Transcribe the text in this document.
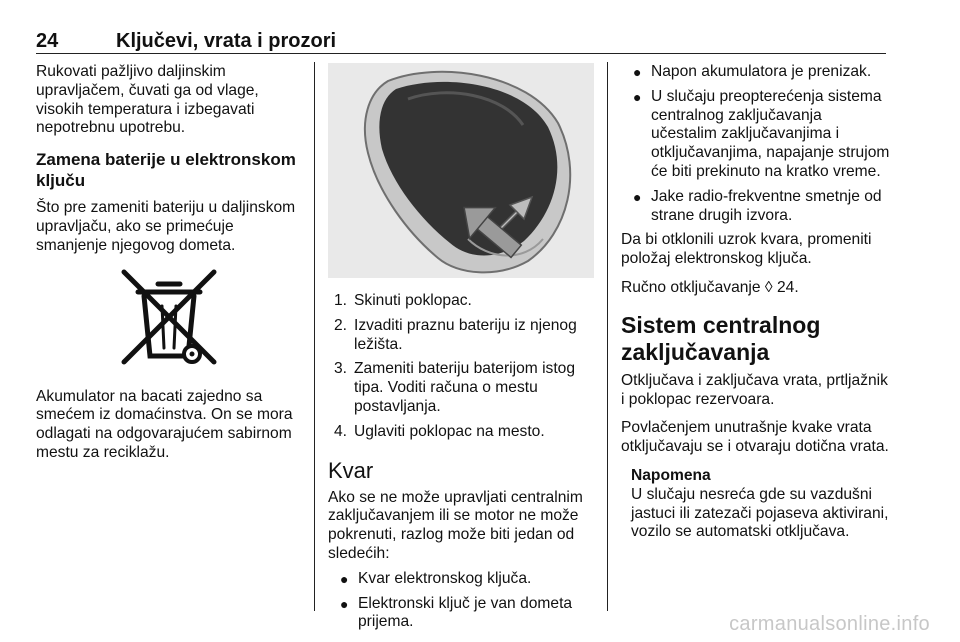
24	Ključevi, vrata i prozori

Rukovati pažljivo daljinskim upravljačem, čuvati ga od vlage, visokih temperatura i izbegavati nepotrebnu upotrebu.

Zamena baterije u elektronskom ključu

Što pre zameniti bateriju u daljinskom upravljaču, ako se primećuje smanjenje njegovog dometa.

Akumulator na bacati zajedno sa smećem iz domaćinstva. On se mora odlagati na odgovarajućem sabirnom mestu za reciklažu.

1. Skinuti poklopac.
2. Izvaditi praznu bateriju iz njenog ležišta.
3. Zameniti bateriju baterijom istog tipa. Voditi računa o mestu postavljanja.
4. Uglaviti poklopac na mesto.
Kvar

Ako se ne može upravljati centralnim zaključavanjem ili se motor ne može pokrenuti, razlog može biti jedan od sledećih:

● Kvar elektronskog ključa.
● Elektronski ključ je van dometa prijema.
● Napon akumulatora je prenizak.
● U slučaju preopterećenja sistema centralnog zaključavanja učestalim zaključavanjima i otključavanjima, napajanje strujom će biti prekinuto na kratko vreme.
● Jake radio-frekventne smetnje od strane drugih izvora.

Da bi otklonili uzrok kvara, promeniti položaj elektronskog ključa.

Ručno otključavanje ◊ 24.

Sistem centralnog zaključavanja

Otključava i zaključava vrata, prtljažnik i poklopac rezervoara.

Povlačenjem unutrašnje kvake vrata otključavaju se i otvaraju dotična vrata.

Napomena

U slučaju nesreća gde su vazdušni jastuci ili zatezači pojaseva aktivirani, vozilo se automatski otključava.

carmanualsonline.info
